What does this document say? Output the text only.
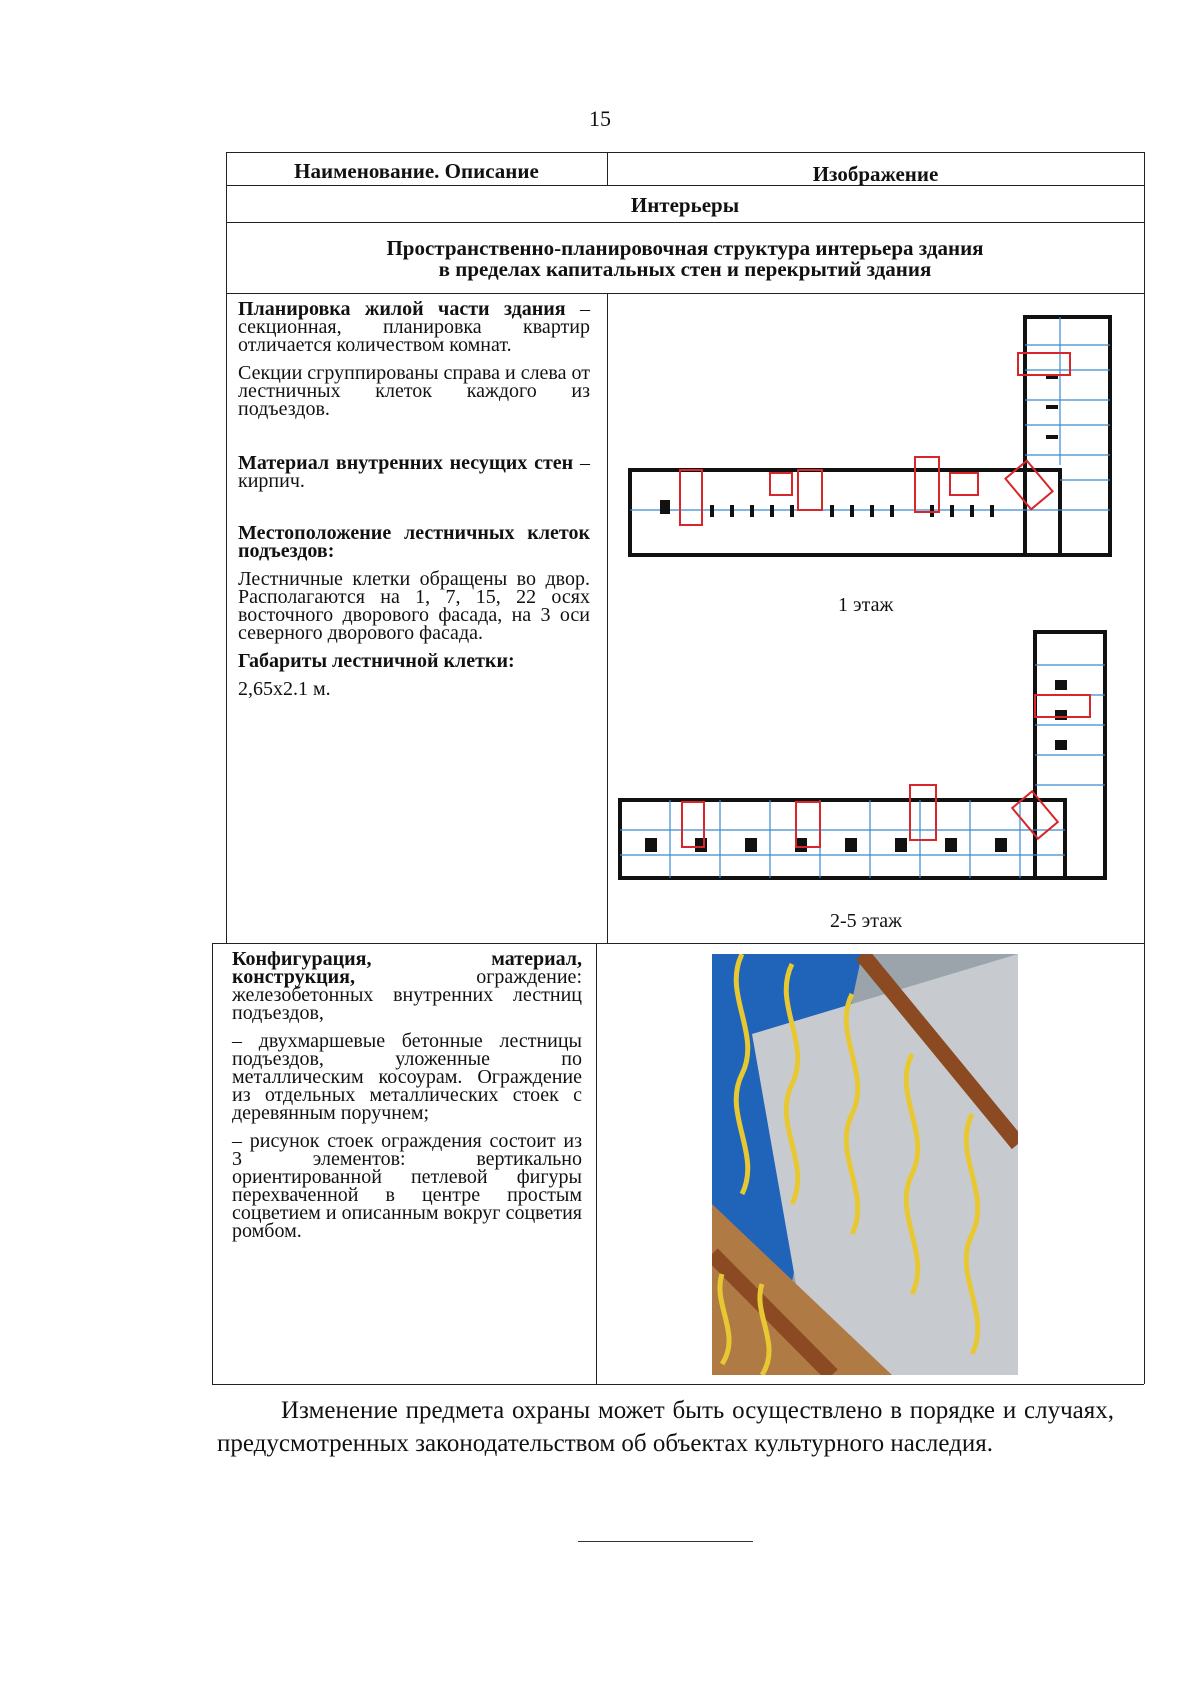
15
Наименование. Описание	Изображение
Интерьеры
Пространственно-планировочная структура интерьера здания
в пределах капитальных стен и перекрытий здания

Планировка жилой части здания – секционная, планировка квартир отличается количеством комнат.

Секции сгруппированы справа и слева от лестничных клеток каждого из подъездов.

Материал внутренних несущих стен – кирпич.

Местоположение лестничных клеток подъездов:

Лестничные клетки обращены во двор. Располагаются на 1, 7, 15, 22 осях восточного дворового фасада, на 3 оси северного дворового фасада.

Габариты лестничной клетки:

2,65x2.1 м.

1 этаж
2-5 этаж

Конфигурация, материал, конструкция,	ограждение: железобетонных внутренних лестниц подъездов,

– двухмаршевые бетонные лестницы подъездов, уложенные по металлическим косоурам. Ограждение из отдельных металлических стоек с деревянным поручнем;

– рисунок стоек ограждения состоит из 3 элементов: вертикально ориентированной петлевой фигуры перехваченной в центре простым соцветием и описанным вокруг соцветия ромбом.

Изменение предмета охраны может быть осуществлено в порядке и случаях, предусмотренных законодательством об объектах культурного наследия.
